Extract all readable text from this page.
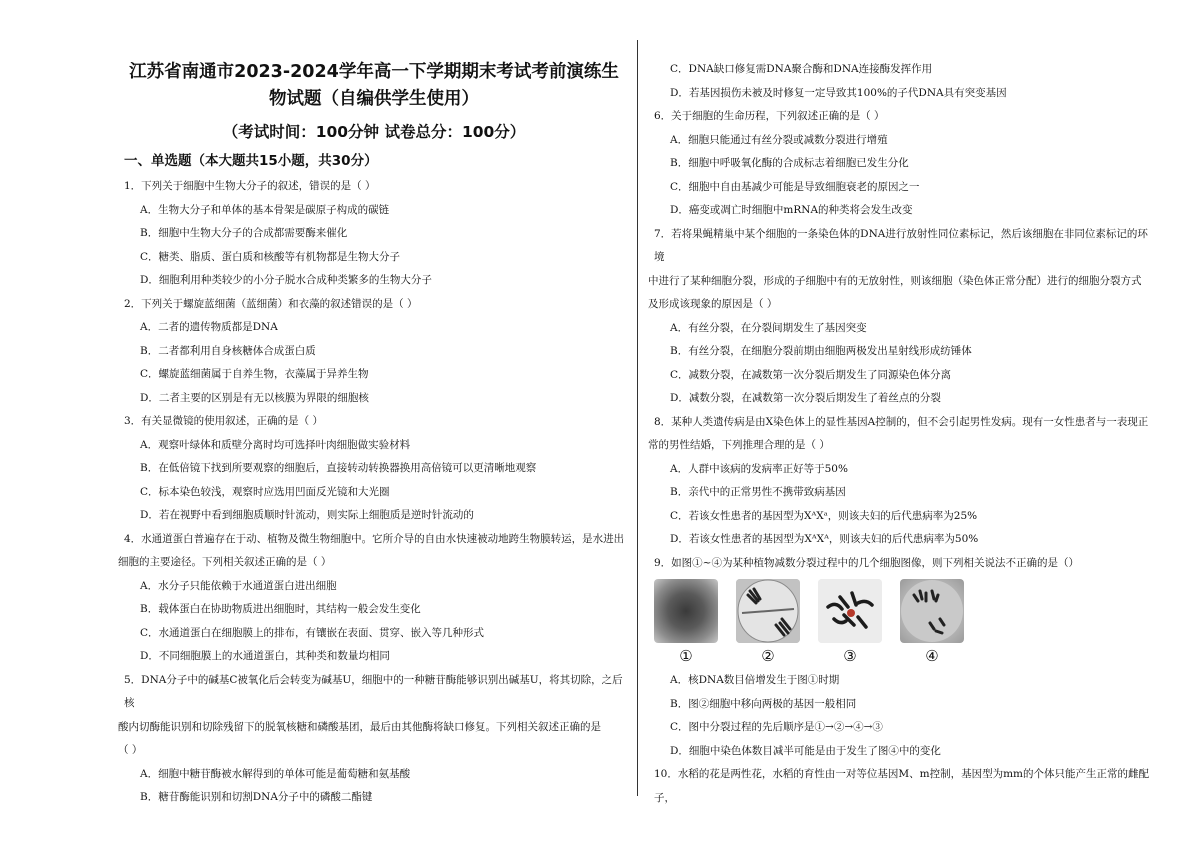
江苏省南通市2023-2024学年高一下学期期末考试考前演练生

物试题（自编供学生使用）

（考试时间：100分钟 试卷总分：100分）

一、单选题（本大题共15小题，共30分）

1．下列关于细胞中生物大分子的叙述，错误的是（ ）

A．生物大分子和单体的基本骨架是碳原子构成的碳链

B．细胞中生物大分子的合成都需要酶来催化

C．糖类、脂质、蛋白质和核酸等有机物都是生物大分子

D．细胞利用种类较少的小分子脱水合成种类繁多的生物大分子

2．下列关于螺旋蓝细菌（蓝细菌）和衣藻的叙述错误的是（ ）

A．二者的遗传物质都是DNA

B．二者都利用自身核糖体合成蛋白质

C．螺旋蓝细菌属于自养生物，衣藻属于异养生物

D．二者主要的区别是有无以核膜为界限的细胞核

3．有关显微镜的使用叙述，正确的是（ ）

A．观察叶绿体和质壁分离时均可选择叶肉细胞做实验材料

B．在低倍镜下找到所要观察的细胞后，直接转动转换器换用高倍镜可以更清晰地观察

C．标本染色较浅，观察时应选用凹面反光镜和大光圈

D．若在视野中看到细胞质顺时针流动，则实际上细胞质是逆时针流动的

4．水通道蛋白普遍存在于动、植物及微生物细胞中。它所介导的自由水快速被动地跨生物膜转运，是水进出

细胞的主要途径。下列相关叙述正确的是（ ）

A．水分子只能依赖于水通道蛋白进出细胞

B．载体蛋白在协助物质进出细胞时，其结构一般会发生变化

C．水通道蛋白在细胞膜上的排布，有镶嵌在表面、贯穿、嵌入等几种形式

D．不同细胞膜上的水通道蛋白，其种类和数量均相同

5．DNA分子中的碱基C被氧化后会转变为碱基U，细胞中的一种糖苷酶能够识别出碱基U，将其切除，之后核

酸内切酶能识别和切除残留下的脱氧核糖和磷酸基团，最后由其他酶将缺口修复。下列相关叙述正确的是

（ ）

A．细胞中糖苷酶被水解得到的单体可能是葡萄糖和氨基酸

B．糖苷酶能识别和切割DNA分子中的磷酸二酯键

C．DNA缺口修复需DNA聚合酶和DNA连接酶发挥作用

D．若基因损伤未被及时修复一定导致其100%的子代DNA具有突变基因

6．关于细胞的生命历程，下列叙述正确的是（ ）

A．细胞只能通过有丝分裂或减数分裂进行增殖

B．细胞中呼吸氧化酶的合成标志着细胞已发生分化

C．细胞中自由基减少可能是导致细胞衰老的原因之一

D．癌变或凋亡时细胞中mRNA的种类将会发生改变

7．若将果蝇精巢中某个细胞的一条染色体的DNA进行放射性同位素标记，然后该细胞在非同位素标记的环境

中进行了某种细胞分裂，形成的子细胞中有的无放射性，则该细胞（染色体正常分配）进行的细胞分裂方式

及形成该现象的原因是（ ）

A．有丝分裂，在分裂间期发生了基因突变

B．有丝分裂，在细胞分裂前期由细胞两极发出星射线形成纺锤体

C．减数分裂，在减数第一次分裂后期发生了同源染色体分离

D．减数分裂，在减数第一次分裂后期发生了着丝点的分裂

8．某种人类遗传病是由X染色体上的显性基因A控制的，但不会引起男性发病。现有一女性患者与一表现正

常的男性结婚，下列推理合理的是（ ）

A．人群中该病的发病率正好等于50%

B．亲代中的正常男性不携带致病基因

C．若该女性患者的基因型为XᴬXᵃ，则该夫妇的后代患病率为25%

D．若该女性患者的基因型为XᴬXᴬ，则该夫妇的后代患病率为50%

9．如图①~④为某种植物减数分裂过程中的几个细胞图像，则下列相关说法不正确的是（）

①	②	③	④

A．核DNA数目倍增发生于图①时期

B．图②细胞中移向两极的基因一般相同

C．图中分裂过程的先后顺序是①→②→④→③

D．细胞中染色体数目减半可能是由于发生了图④中的变化

10．水稻的花是两性花，水稻的育性由一对等位基因M、m控制，基因型为mm的个体只能产生正常的雌配子，
